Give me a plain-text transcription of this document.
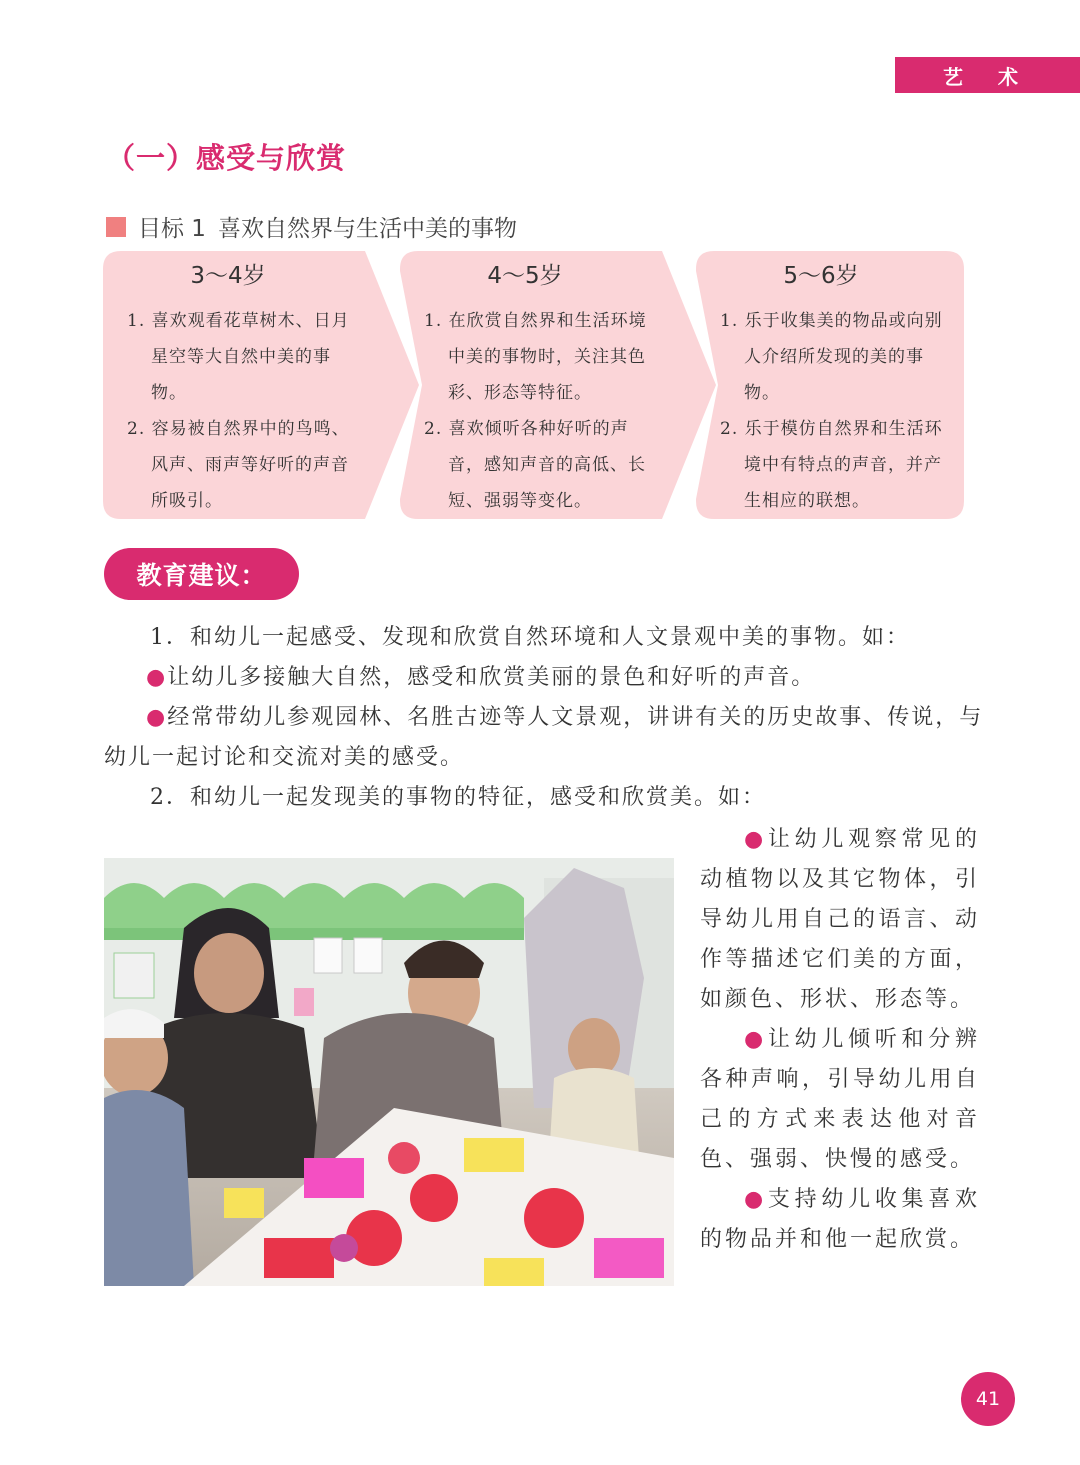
艺 术
（一）感受与欣赏
目标 1 喜欢自然界与生活中美的事物
3～4岁
1. 喜欢观看花草树木、日月星空等大自然中美的事物。
2. 容易被自然界中的鸟鸣、风声、雨声等好听的声音所吸引。
4～5岁
1. 在欣赏自然界和生活环境中美的事物时，关注其色彩、形态等特征。
2. 喜欢倾听各种好听的声音，感知声音的高低、长短、强弱等变化。
5～6岁
1. 乐于收集美的物品或向别人介绍所发现的美的事物。
2. 乐于模仿自然界和生活环境中有特点的声音，并产生相应的联想。
教育建议：
1．和幼儿一起感受、发现和欣赏自然环境和人文景观中美的事物。如：
●让幼儿多接触大自然，感受和欣赏美丽的景色和好听的声音。
●经常带幼儿参观园林、名胜古迹等人文景观，讲讲有关的历史故事、传说，与幼儿一起讨论和交流对美的感受。
2．和幼儿一起发现美的事物的特征，感受和欣赏美。如：

●让幼儿观察常见的动植物以及其它物体，引导幼儿用自己的语言、动作等描述它们美的方面，如颜色、形状、形态等。

●让幼儿倾听和分辨各种声响，引导幼儿用自己的方式来表达他对音色、强弱、快慢的感受。

●支持幼儿收集喜欢的物品并和他一起欣赏。

41
